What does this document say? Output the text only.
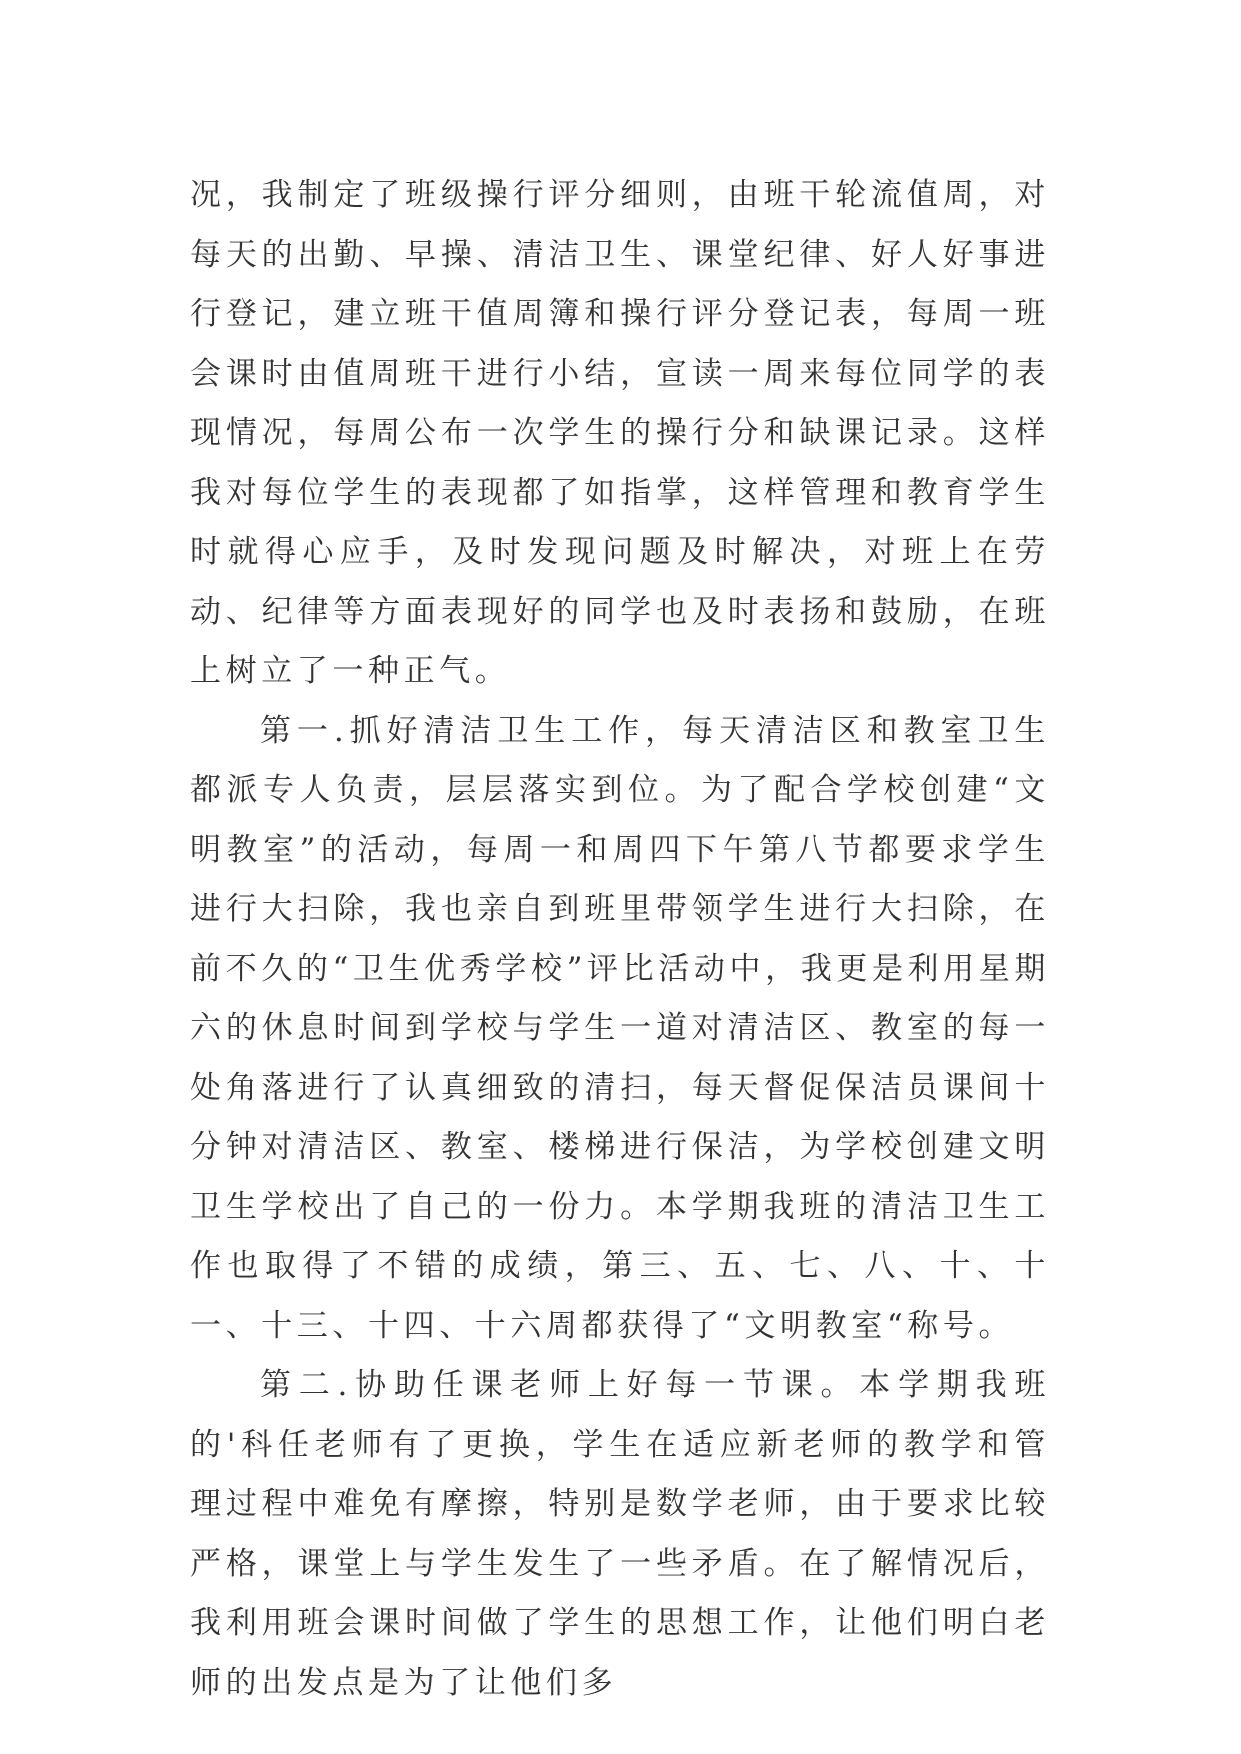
况，我制定了班级操行评分细则，由班干轮流值周，对每天的出勤、早操、清洁卫生、课堂纪律、好人好事进行登记，建立班干值周簿和操行评分登记表，每周一班会课时由值周班干进行小结，宣读一周来每位同学的表现情况，每周公布一次学生的操行分和缺课记录。这样我对每位学生的表现都了如指掌，这样管理和教育学生时就得心应手，及时发现问题及时解决，对班上在劳动、纪律等方面表现好的同学也及时表扬和鼓励，在班上树立了一种正气。

第一.抓好清洁卫生工作，每天清洁区和教室卫生都派专人负责，层层落实到位。为了配合学校创建“文明教室”的活动，每周一和周四下午第八节都要求学生进行大扫除，我也亲自到班里带领学生进行大扫除，在前不久的“卫生优秀学校”评比活动中，我更是利用星期六的休息时间到学校与学生一道对清洁区、教室的每一处角落进行了认真细致的清扫，每天督促保洁员课间十分钟对清洁区、教室、楼梯进行保洁，为学校创建文明卫生学校出了自己的一份力。本学期我班的清洁卫生工作也取得了不错的成绩，第三、五、七、八、十、十一、十三、十四、十六周都获得了“文明教室“称号。

第二.协助任课老师上好每一节课。本学期我班的'科任老师有了更换，学生在适应新老师的教学和管理过程中难免有摩擦，特别是数学老师，由于要求比较严格，课堂上与学生发生了一些矛盾。在了解情况后，我利用班会课时间做了学生的思想工作，让他们明白老师的出发点是为了让他们多
